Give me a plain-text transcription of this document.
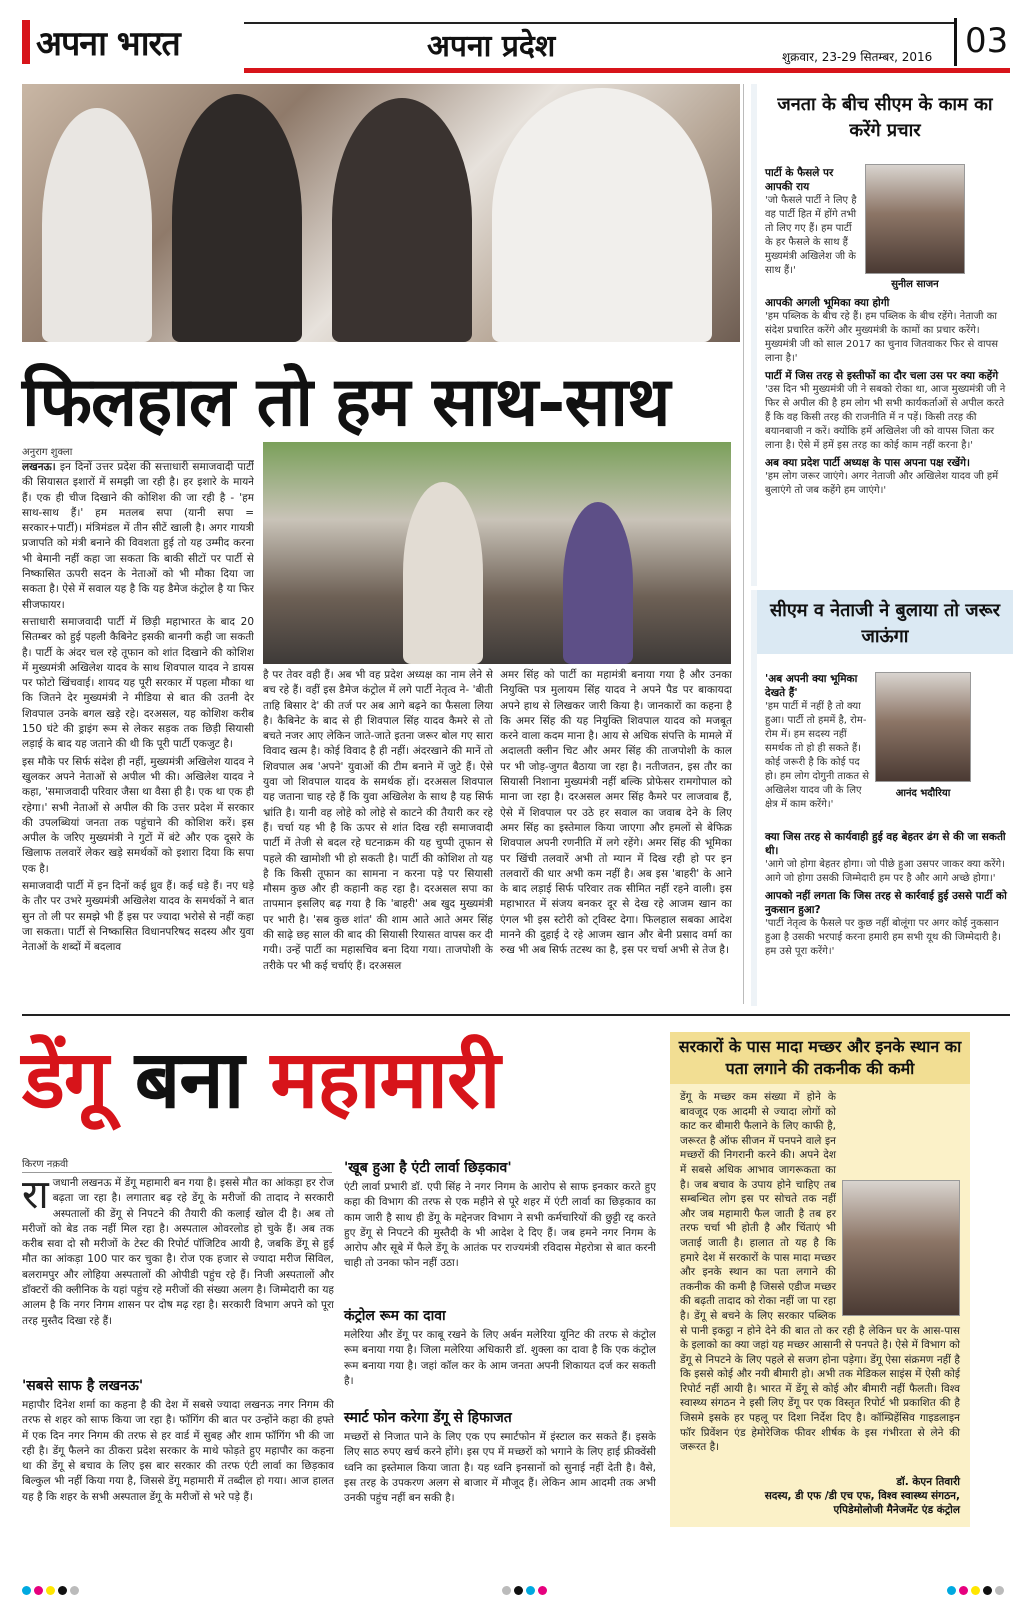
अपना भारत	अपना प्रदेश	शुक्रवार, 23-29 सितम्बर, 2016 03
फिलहाल तो हम साथ-साथ
अनुराग शुक्ला

लखनऊ। इन दिनों उत्तर प्रदेश की सत्ताधारी समाजवादी पार्टी की सियासत इशारों में समझी जा रही है। हर इशारे के मायने हैं। एक ही चीज दिखाने की कोशिश की जा रही है - 'हम साथ-साथ हैं।' हम मतलब सपा (यानी सपा = सरकार+पार्टी)। मंत्रिमंडल में तीन सीटें खाली है। अगर गायत्री प्रजापति को मंत्री बनाने की विवशता हुई तो यह उम्मीद करना भी बेमानी नहीं कहा जा सकता कि बाकी सीटों पर पार्टी से निष्कासित ऊपरी सदन के नेताओं को भी मौका दिया जा सकता है। ऐसे में सवाल यह है कि यह डैमेज कंट्रोल है या फिर सीजफायर।

सत्ताधारी समाजवादी पार्टी में छिड़ी महाभारत के बाद 20 सितम्बर को हुई पहली कैबिनेट इसकी बानगी कही जा सकती है। पार्टी के अंदर चल रहे तूफान को शांत दिखाने की कोशिश में मुख्यमंत्री अखिलेश यादव के साथ शिवपाल यादव ने डायस पर फोटो खिंचवाई। शायद यह पूरी सरकार में पहला मौका था कि जितने देर मुख्यमंत्री ने मीडिया से बात की उतनी देर शिवपाल उनके बगल खड़े रहे। दरअसल, यह कोशिश करीब 150 घंटे की ड्राइंग रूम से लेकर सड़क तक छिड़ी सियासी लड़ाई के बाद यह जताने की थी कि पूरी पार्टी एकजुट है।

इस मौके पर सिर्फ संदेश ही नहीं, मुख्यमंत्री अखिलेश यादव ने खुलकर अपने नेताओं से अपील भी की। अखिलेश यादव ने कहा, 'समाजवादी परिवार जैसा था वैसा ही है। एक था एक ही रहेगा।' सभी नेताओं से अपील की कि उत्तर प्रदेश में सरकार की उपलब्धियां जनता तक पहुंचाने की कोशिश करें। इस अपील के जरिए मुख्यमंत्री ने गुटों में बंटे और एक दूसरे के खिलाफ तलवारें लेकर खड़े समर्थकों को इशारा दिया कि सपा एक है।

समाजवादी पार्टी में इन दिनों कई ध्रुव हैं। कई धड़े हैं। नए धड़े के तौर पर उभरे मुख्यमंत्री अखिलेश यादव के समर्थकों ने बात सुन तो ली पर समझे भी हैं इस पर ज्यादा भरोसे से नहीं कहा जा सकता। पार्टी से निष्कासित विधानपरिषद सदस्य और युवा नेताओं के शब्दों में बदलाव

है पर तेवर वही हैं। अब भी वह प्रदेश अध्यक्ष का नाम लेने से बच रहे हैं। वहीं इस डैमेज कंट्रोल में लगे पार्टी नेतृत्व ने- 'बीती ताहि बिसार दे' की तर्ज पर अब आगे बढ़ने का फैसला लिया है। कैबिनेट के बाद से ही शिवपाल सिंह यादव कैमरे से तो बचते नजर आए लेकिन जाते-जाते इतना जरूर बोल गए सारा विवाद खत्म है। कोई विवाद है ही नहीं। अंदरखाने की मानें तो शिवपाल अब 'अपने' युवाओं की टीम बनाने में जुटे हैं। ऐसे युवा जो शिवपाल यादव के समर्थक हों। दरअसल शिवपाल यह जताना चाह रहे हैं कि युवा अखिलेश के साथ है यह सिर्फ भ्रांति है। यानी वह लोहे को लोहे से काटने की तैयारी कर रहे हैं। चर्चा यह भी है कि ऊपर से शांत दिख रही समाजवादी पार्टी में तेजी से बदल रहे घटनाक्रम की यह चुप्पी तूफान से पहले की खामोशी भी हो सकती है। पार्टी की कोशिश तो यह है कि किसी तूफान का सामना न करना पड़े पर सियासी मौसम कुछ और ही कहानी कह रहा है। दरअसल सपा का तापमान इसलिए बढ़ गया है कि 'बाहरी' अब खुद मुख्यमंत्री पर भारी है। 'सब कुछ शांत' की शाम आते आते अमर सिंह की साढ़े छह साल की बाद की सियासी रियासत वापस कर दी गयी। उन्हें पार्टी का महासचिव बना दिया गया। ताजपोशी के तरीके पर भी कई चर्चाएं हैं। दरअसल
अमर सिंह को पार्टी का महामंत्री बनाया गया है और उनका नियुक्ति पत्र मुलायम सिंह यादव ने अपने पैड पर बाकायदा अपने हाथ से लिखकर जारी किया है। जानकारों का कहना है कि अमर सिंह की यह नियुक्ति शिवपाल यादव को मजबूत करने वाला कदम माना है। आय से अधिक संपत्ति के मामले में अदालती क्लीन चिट और अमर सिंह की ताजपोशी के काल पर भी जोड़-जुगत बैठाया जा रहा है। नतीजतन, इस तौर का सियासी निशाना मुख्यमंत्री नहीं बल्कि प्रोफेसर रामगोपाल को माना जा रहा है। दरअसल अमर सिंह कैमरे पर लाजवाब हैं, ऐसे में शिवपाल पर उठे हर सवाल का जवाब देने के लिए अमर सिंह का इस्तेमाल किया जाएगा और हमलों से बेफिक्र शिवपाल अपनी रणनीति में लगे रहेंगे। अमर सिंह की भूमिका पर खिंची तलवारें अभी तो म्यान में दिख रही हो पर इन तलवारों की धार अभी कम नहीं है। अब इस 'बाहरी' के आने के बाद लड़ाई सिर्फ परिवार तक सीमित नहीं रहने वाली। इस महाभारत में संजय बनकर दूर से देख रहे आजम खान का एंगल भी इस स्टोरी को ट्विस्ट देगा। फिलहाल सबका आदेश मानने की दुहाई दे रहे आजम खान और बेनी प्रसाद वर्मा का रुख भी अब सिर्फ तटस्थ का है, इस पर चर्चा अभी से तेज है।
जनता के बीच सीएम के काम का करेंगे प्रचार
सुनील साजन
पार्टी के फैसले पर आपकी राय
'जो फैसले पार्टी ने लिए है वह पार्टी हित में होंगे तभी तो लिए गए हैं। हम पार्टी के हर फैसले के साथ हैं मुख्यमंत्री अखिलेश जी के साथ हैं।'
आपकी अगली भूमिका क्या होगी
'हम पब्लिक के बीच रहे हैं। हम पब्लिक के बीच रहेंगे। नेताजी का संदेश प्रचारित करेंगे और मुख्यमंत्री के कामों का प्रचार करेंगे। मुख्यमंत्री जी को साल 2017 का चुनाव जितवाकर फिर से वापस लाना है।'
पार्टी में जिस तरह से इस्तीफों का दौर चला उस पर क्या कहेंगे
'उस दिन भी मुख्यमंत्री जी ने सबको रोका था, आज मुख्यमंत्री जी ने फिर से अपील की है हम लोग भी सभी कार्यकर्ताओं से अपील करते हैं कि वह किसी तरह की राजनीति में न पड़ें। किसी तरह की बयानबाजी न करें। क्योंकि हमें अखिलेश जी को वापस जिता कर लाना है। ऐसे में हमें इस तरह का कोई काम नहीं करना है।'
अब क्या प्रदेश पार्टी अध्यक्ष के पास अपना पक्ष रखेंगे।
'हम लोग जरूर जाएंगे। अगर नेताजी और अखिलेश यादव जी हमें बुलाएंगे तो जब कहेंगे हम जाएंगे।'
सीएम व नेताजी ने बुलाया तो जरूर जाऊंगा
आनंद भदौरिया
'अब अपनी क्या भूमिका देखते हैं'
'हम पार्टी में नहीं है तो क्या हुआ। पार्टी तो हममें है, रोम-रोम में। हम सदस्य नहीं समर्थक तो हो ही सकते हैं। कोई जरूरी है कि कोई पद हो। हम लोग दोगुनी ताकत से अखिलेश यादव जी के लिए क्षेत्र में काम करेंगे।'
क्या जिस तरह से कार्यवाही हुई वह बेहतर ढंग से की जा सकती थी।
'आगे जो होगा बेहतर होगा। जो पीछे हुआ उसपर जाकर क्या करेंगे। आगे जो होगा उसकी जिम्मेदारी हम पर है और आगे अच्छे होगा।'
आपको नहीं लगता कि जिस तरह से कार्रवाई हुई उससे पार्टी को नुकसान हुआ?
'पार्टी नेतृत्व के फैसले पर कुछ नहीं बोलूंगा पर अगर कोई नुकसान हुआ है उसकी भरपाई करना हमारी हम सभी यूथ की जिम्मेदारी है। हम उसे पूरा करेंगे।'
डेंगू बना महामारी
किरण नक़वी
रा जधानी लखनऊ में डेंगू महामारी बन गया है। इससे मौत का आंकड़ा हर रोज बढ़ता जा रहा है। लगातार बढ़ रहे डेंगू के मरीजों की तादाद ने सरकारी अस्पतालों की डेंगू से निपटने की तैयारी की कलाई खोल दी है। अब तो मरीजों को बेड तक नहीं मिल रहा है। अस्पताल ओवरलोड हो चुके हैं। अब तक करीब सवा दो सौ मरीजों के टेस्ट की रिपोर्ट पॉजिटिव आयी है, जबकि डेंगू से हुई मौत का आंकड़ा 100 पार कर चुका है। रोज एक हजार से ज्यादा मरीज सिविल, बलरामपुर और लोहिया अस्पतालों की ओपीडी पहुंच रहे हैं। निजी अस्पतालों और डॉक्टरों की क्लीनिक के यहां पहुंच रहे मरीजों की संख्या अलग है। जिम्मेदारी का यह आलम है कि नगर निगम शासन पर दोष मढ़ रहा है। सरकारी विभाग अपने को पूरा तरह मुस्तैद दिखा रहे हैं।
'सबसे साफ है लखनऊ'
महापौर दिनेश शर्मा का कहना है की देश में सबसे ज्यादा लखनऊ नगर निगम की तरफ से शहर को साफ किया जा रहा है। फॉगिंग की बात पर उन्होंने कहा की हफ्ते में एक दिन नगर निगम की तरफ से हर वार्ड में सुबह और शाम फॉगिंग भी की जा रही है। डेंगू फैलने का ठीकरा प्रदेश सरकार के माथे फोड़ते हुए महापौर का कहना था की डेंगू से बचाव के लिए इस बार सरकार की तरफ एंटी लार्वा का छिड़काव बिल्कुल भी नहीं किया गया है, जिससे डेंगू महामारी में तब्दील हो गया। आज हालत यह है कि शहर के सभी अस्पताल डेंगू के मरीजों से भरे पड़े हैं।
'खूब हुआ है एंटी लार्वा छिड़काव'
एंटी लार्वा प्रभारी डॉ. एपी सिंह ने नगर निगम के आरोप से साफ इनकार करते हुए कहा की विभाग की तरफ से एक महीने से पूरे शहर में एंटी लार्वा का छिड़काव का काम जारी है साथ ही डेंगू के मद्देनजर विभाग ने सभी कर्मचारियों की छुट्टी रद्द करते हुए डेंगू से निपटने की मुस्तैदी के भी आदेश दे दिए हैं। जब हमने नगर निगम के आरोप और सूबे में फैले डेंगू के आतंक पर राज्यमंत्री रविदास मेहरोत्रा से बात करनी चाही तो उनका फोन नहीं उठा।
कंट्रोल रूम का दावा
मलेरिया और डेंगू पर काबू रखने के लिए अर्बन मलेरिया यूनिट की तरफ से कंट्रोल रूम बनाया गया है। जिला मलेरिया अधिकारी डॉ. शुक्ला का दावा है कि एक कंट्रोल रूम बनाया गया है। जहां कॉल कर के आम जनता अपनी शिकायत दर्ज कर सकती है।
स्मार्ट फोन करेगा डेंगू से हिफाजत
मच्छरों से निजात पाने के लिए एक एप स्मार्टफोन में इंस्टाल कर सकते हैं। इसके लिए साठ रुपए खर्च करने होंगे। इस एप में मच्छरों को भगाने के लिए हाई फ्रीक्वेंसी ध्वनि का इस्तेमाल किया जाता है। यह ध्वनि इनसानों को सुनाई नहीं देती है। वैसे, इस तरह के उपकरण अलग से बाजार में मौजूद हैं। लेकिन आम आदमी तक अभी उनकी पहुंच नहीं बन सकी है।
सरकारों के पास मादा मच्छर और इनके स्थान का पता लगाने की तकनीक की कमी
डेंगू के मच्छर कम संख्या में होने के बावजूद एक आदमी से ज्यादा लोगों को काट कर बीमारी फैलाने के लिए काफी है, जरूरत है ऑफ सीजन में पनपने वाले इन मच्छरों की निगरानी करने की। अपने देश में सबसे अधिक आभाव जागरूकता का है। जब बचाव के उपाय होने चाहिए तब सम्बन्धित लोग इस पर सोचते तक नहीं और जब महामारी फैल जाती है तब हर तरफ चर्चा भी होती है और चिंताएं भी जताई जाती है। हालात तो यह है कि हमारे देश में सरकारों के पास मादा मच्छर और इनके स्थान का पता लगाने की तकनीक की कमी है जिससे एडीज मच्छर की बढ़ती तादाद को रोका नहीं जा पा रहा है। डेंगू से बचने के लिए सरकार पब्लिक से पानी इकट्ठा न होने देने की बात तो कर रही है लेकिन घर के आस-पास के इलाको का क्या जहां यह मच्छर आसानी से पनपते है। ऐसे में विभाग को डेंगू से निपटने के लिए पहले से सजग होना पड़ेगा। डेंगू ऐसा संक्रमण नहीं है कि इससे कोई और नयी बीमारी हो। अभी तक मेडिकल साइंस में ऐसी कोई रिपोर्ट नहीं आयी है। भारत में डेंगू से कोई और बीमारी नहीं फैलती। विश्व स्वास्थ्य संगठन ने इसी लिए डेंगू पर एक विस्तृत रिपोर्ट भी प्रकाशित की है जिसमे इसके हर पहलू पर दिशा निर्देश दिए है। कॉम्प्रिहेंसिव गाइडलाइन फॉर प्रिवेंशन एंड हेमोरेजिक फीवर शीर्षक के इस गंभीरता से लेने की जरूरत है।
डॉ. केएन तिवारी
सदस्य, डी एफ /डी एच एफ, विश्व स्वास्थ्य संगठन,
एपिडेमोलोजी मैनेजमेंट एंड कंट्रोल
